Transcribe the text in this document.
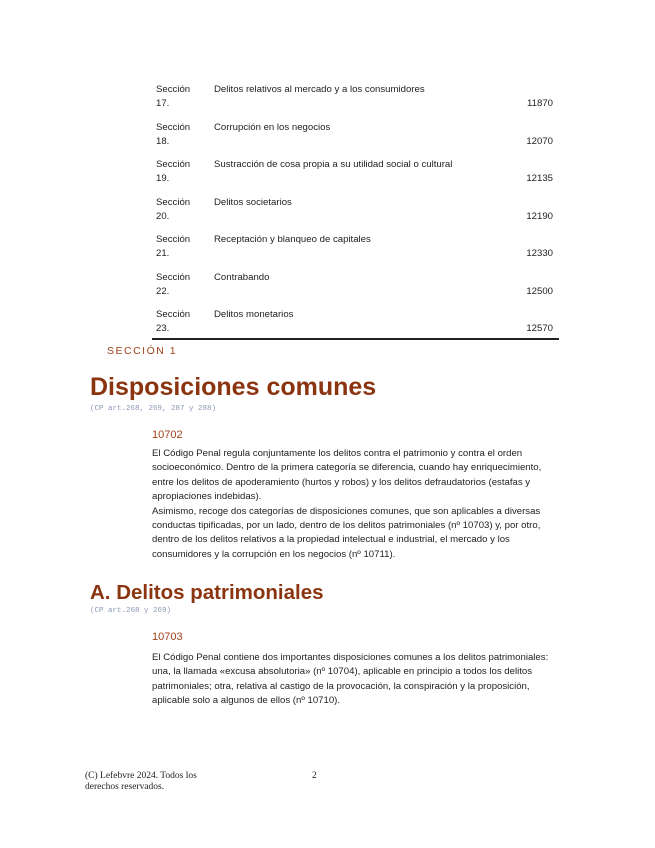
Sección
17.
Delitos relativos al mercado y a los consumidores
11870
Sección
18.
Corrupción en los negocios
12070
Sección
19.
Sustracción de cosa propia a su utilidad social o cultural
12135
Sección
20.
Delitos societarios
12190
Sección
21.
Receptación y blanqueo de capitales
12330
Sección
22.
Contrabando
12500
Sección
23.
Delitos monetarios
12570
SECCIÓN 1
Disposiciones comunes
(CP art.268, 269, 287 y 288)
10702

El Código Penal regula conjuntamente los delitos contra el patrimonio y contra el orden socioeconómico. Dentro de la primera categoría se diferencia, cuando hay enriquecimiento, entre los delitos de apoderamiento (hurtos y robos) y los delitos defraudatorios (estafas y apropiaciones indebidas).

Asimismo, recoge dos categorías de disposiciones comunes, que son aplicables a diversas conductas tipificadas, por un lado, dentro de los delitos patrimoniales (nº 10703) y, por otro, dentro de los delitos relativos a la propiedad intelectual e industrial, el mercado y los consumidores y la corrupción en los negocios (nº 10711).

A. Delitos patrimoniales
(CP art.268 y 269)
10703
El Código Penal contiene dos importantes disposiciones comunes a los delitos patrimoniales: una, la llamada «excusa absolutoria» (nº 10704), aplicable en principio a todos los delitos patrimoniales; otra, relativa al castigo de la provocación, la conspiración y la proposición, aplicable solo a algunos de ellos (nº 10710).
(C) Lefebvre 2024. Todos los derechos reservados.
2
